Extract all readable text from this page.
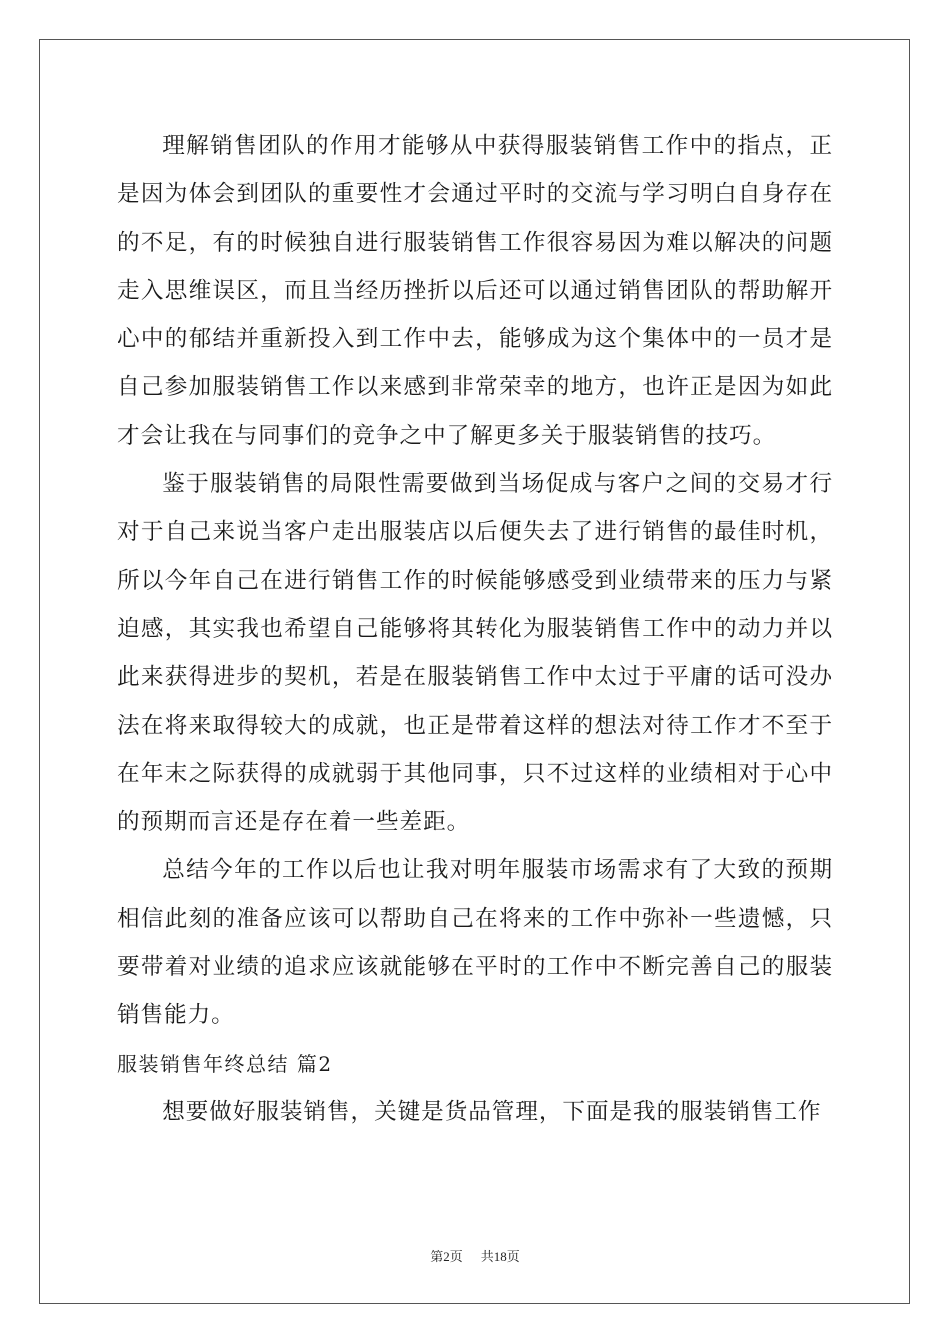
理解销售团队的作用才能够从中获得服装销售工作中的指点，正是因为体会到团队的重要性才会通过平时的交流与学习明白自身存在的不足，有的时候独自进行服装销售工作很容易因为难以解决的问题走入思维误区，而且当经历挫折以后还可以通过销售团队的帮助解开心中的郁结并重新投入到工作中去，能够成为这个集体中的一员才是自己参加服装销售工作以来感到非常荣幸的地方，也许正是因为如此才会让我在与同事们的竞争之中了解更多关于服装销售的技巧。

鉴于服装销售的局限性需要做到当场促成与客户之间的交易才行对于自己来说当客户走出服装店以后便失去了进行销售的最佳时机，所以今年自己在进行销售工作的时候能够感受到业绩带来的压力与紧迫感，其实我也希望自己能够将其转化为服装销售工作中的动力并以此来获得进步的契机，若是在服装销售工作中太过于平庸的话可没办法在将来取得较大的成就，也正是带着这样的想法对待工作才不至于在年末之际获得的成就弱于其他同事，只不过这样的业绩相对于心中的预期而言还是存在着一些差距。

总结今年的工作以后也让我对明年服装市场需求有了大致的预期相信此刻的准备应该可以帮助自己在将来的工作中弥补一些遗憾，只要带着对业绩的追求应该就能够在平时的工作中不断完善自己的服装销售能力。

服装销售年终总结 篇2

想要做好服装销售，关键是货品管理，下面是我的服装销售工作

第2页 共18页
